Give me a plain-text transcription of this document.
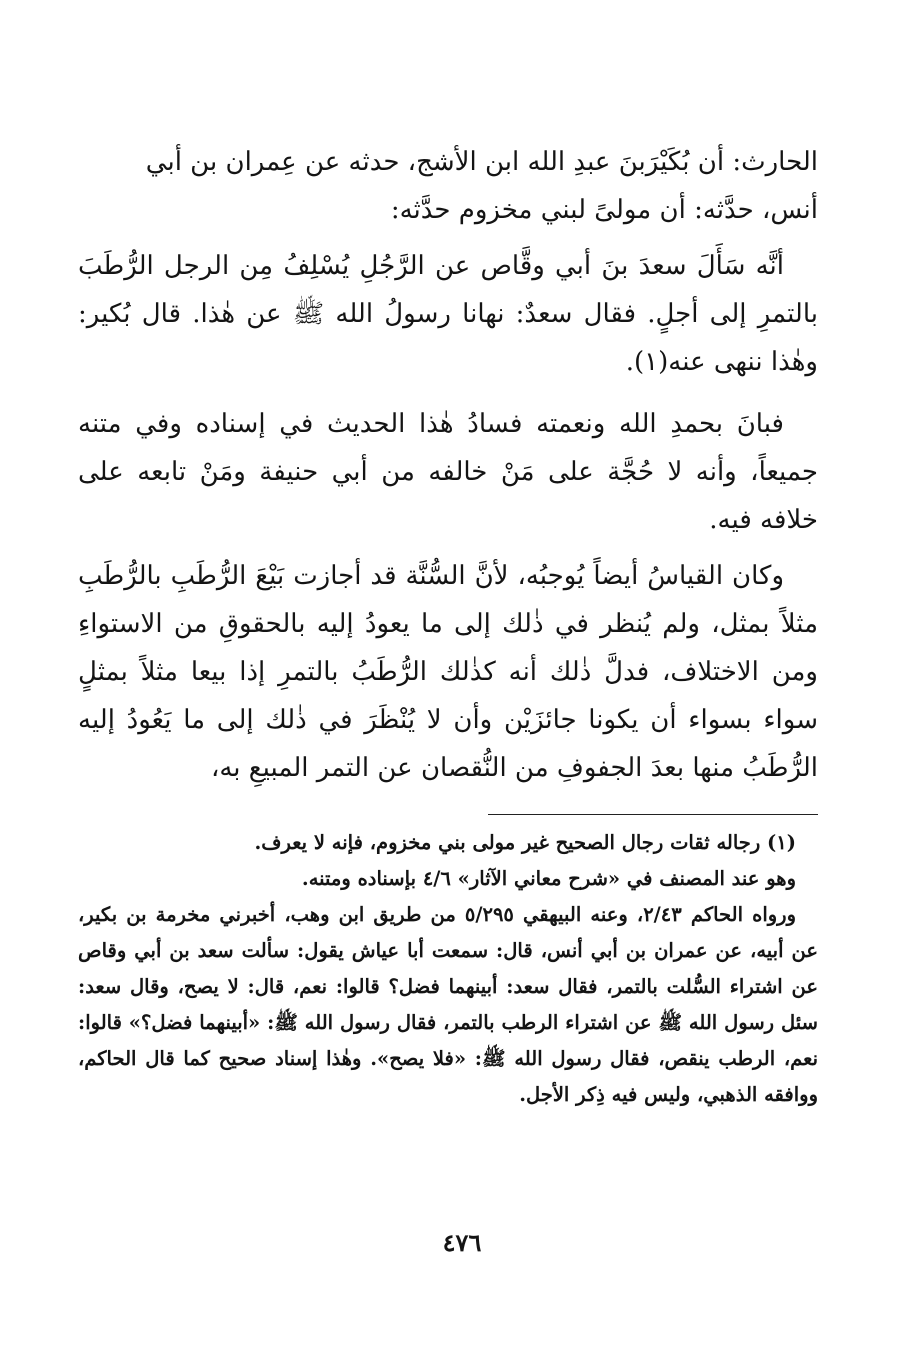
الحارث: أن بُكَيْرَبنَ عبدِ الله ابن الأشج، حدثه عن عِمران بن أبي

أنس، حدَّثه: أن مولىً لبني مخزوم حدَّثه:

أنَّه سَأَلَ سعدَ بنَ أبي وقَّاص عن الرَّجُلِ يُسْلِفُ مِن الرجل الرُّطَبَ بالتمرِ إلى أجلٍ. فقال سعدٌ: نهانا رسولُ الله ﷺ عن هٰذا. قال بُكير: وهٰذا ننهى عنه(١).

فبانَ بحمدِ الله ونعمته فسادُ هٰذا الحديث في إسناده وفي متنه جميعاً، وأنه لا حُجَّة على مَنْ خالفه من أبي حنيفة ومَنْ تابعه على خلافه فيه.

وكان القياسُ أيضاً يُوجبُه، لأنَّ السُّنَّة قد أجازت بَيْعَ الرُّطَبِ بالرُّطَبِ مثلاً بمثل، ولم يُنظر في ذٰلك إلى ما يعودُ إليه بالحقوقِ من الاستواءِ ومن الاختلاف، فدلَّ ذٰلك أنه كذٰلك الرُّطَبُ بالتمرِ إذا بيعا مثلاً بمثلٍ سواء بسواء أن يكونا جائزَيْن وأن لا يُنْظَرَ في ذٰلك إلى ما يَعُودُ إليه الرُّطَبُ منها بعدَ الجفوفِ من النُّقصان عن التمر المبيعِ به،

(١) رجاله ثقات رجال الصحيح غير مولى بني مخزوم، فإنه لا يعرف.

وهو عند المصنف في «شرح معاني الآثار» ٤/٦ بإسناده ومتنه.

ورواه الحاكم ٢/٤٣، وعنه البيهقي ٥/٢٩٥ من طريق ابن وهب، أخبرني مخرمة بن بكير، عن أبيه، عن عمران بن أبي أنس، قال: سمعت أبا عياش يقول: سألت سعد بن أبي وقاص عن اشتراء السُّلت بالتمر، فقال سعد: أبينهما فضل؟ قالوا: نعم، قال: لا يصح، وقال سعد: سئل رسول الله ﷺ عن اشتراء الرطب بالتمر، فقال رسول الله ﷺ: «أبينهما فضل؟» قالوا: نعم، الرطب ينقص، فقال رسول الله ﷺ: «فلا يصح». وهٰذا إسناد صحيح كما قال الحاكم، ووافقه الذهبي، وليس فيه ذِكر الأجل.

٤٧٦
